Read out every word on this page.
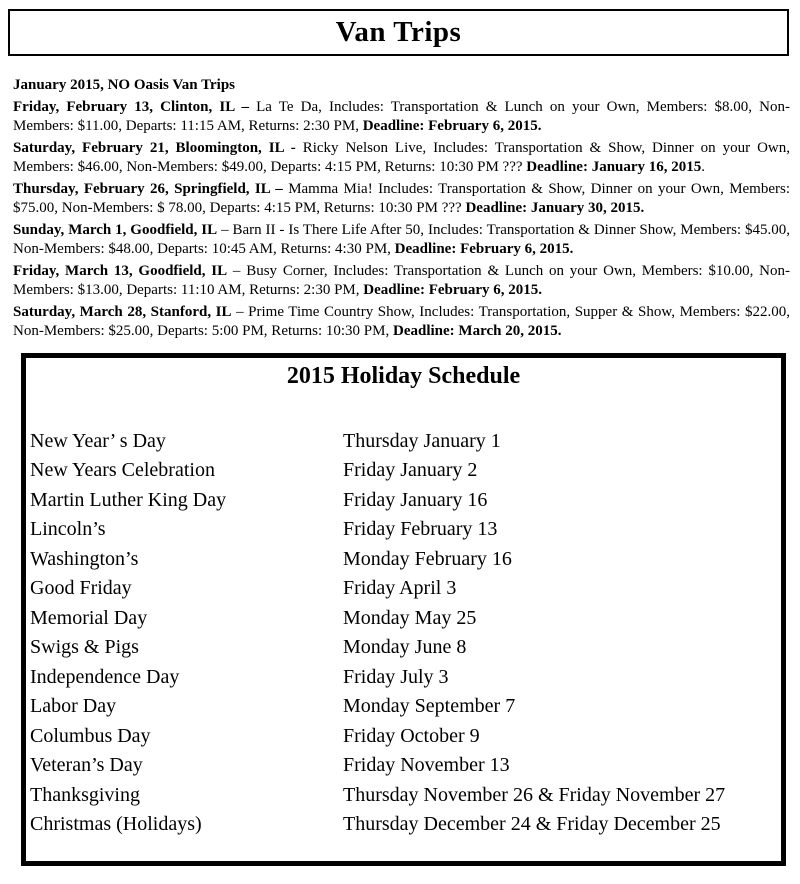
Van Trips

January 2015, NO Oasis Van Trips

Friday, February 13, Clinton, IL – La Te Da, Includes: Transportation & Lunch on your Own, Members: $8.00, Non-Members: $11.00, Departs: 11:15 AM, Returns: 2:30 PM, Deadline: February 6, 2015.

Saturday, February 21, Bloomington, IL - Ricky Nelson Live, Includes: Transportation & Show, Dinner on your Own, Members: $46.00, Non-Members: $49.00, Departs: 4:15 PM, Returns: 10:30 PM ??? Deadline: January 16, 2015.

Thursday, February 26, Springfield, IL – Mamma Mia! Includes: Transportation & Show, Dinner on your Own, Members: $75.00, Non-Members: $ 78.00, Departs: 4:15 PM, Returns: 10:30 PM ??? Deadline: January 30, 2015.

Sunday, March 1, Goodfield, IL – Barn II - Is There Life After 50, Includes: Transportation & Dinner Show, Members: $45.00, Non-Members: $48.00, Departs: 10:45 AM, Returns: 4:30 PM, Deadline: February 6, 2015.

Friday, March 13, Goodfield, IL – Busy Corner, Includes: Transportation & Lunch on your Own, Members: $10.00, Non-Members: $13.00, Departs: 11:10 AM, Returns: 2:30 PM, Deadline: February 6, 2015.

Saturday, March 28, Stanford, IL – Prime Time Country Show, Includes: Transportation, Supper & Show, Members: $22.00, Non-Members: $25.00, Departs: 5:00 PM, Returns: 10:30 PM, Deadline: March 20, 2015.

2015 Holiday Schedule
New Year’ s Day	Thursday January 1
New Years Celebration	Friday January 2
Martin Luther King Day	Friday January 16
Lincoln’s	Friday February 13
Washington’s	Monday February 16
Good Friday	Friday April 3
Memorial Day	Monday May 25
Swigs & Pigs	Monday June 8
Independence Day	Friday July 3
Labor Day	Monday September 7
Columbus Day	Friday October 9
Veteran’s Day	Friday November 13
Thanksgiving	Thursday November 26 & Friday November 27
Christmas (Holidays)	Thursday December 24 & Friday December 25
